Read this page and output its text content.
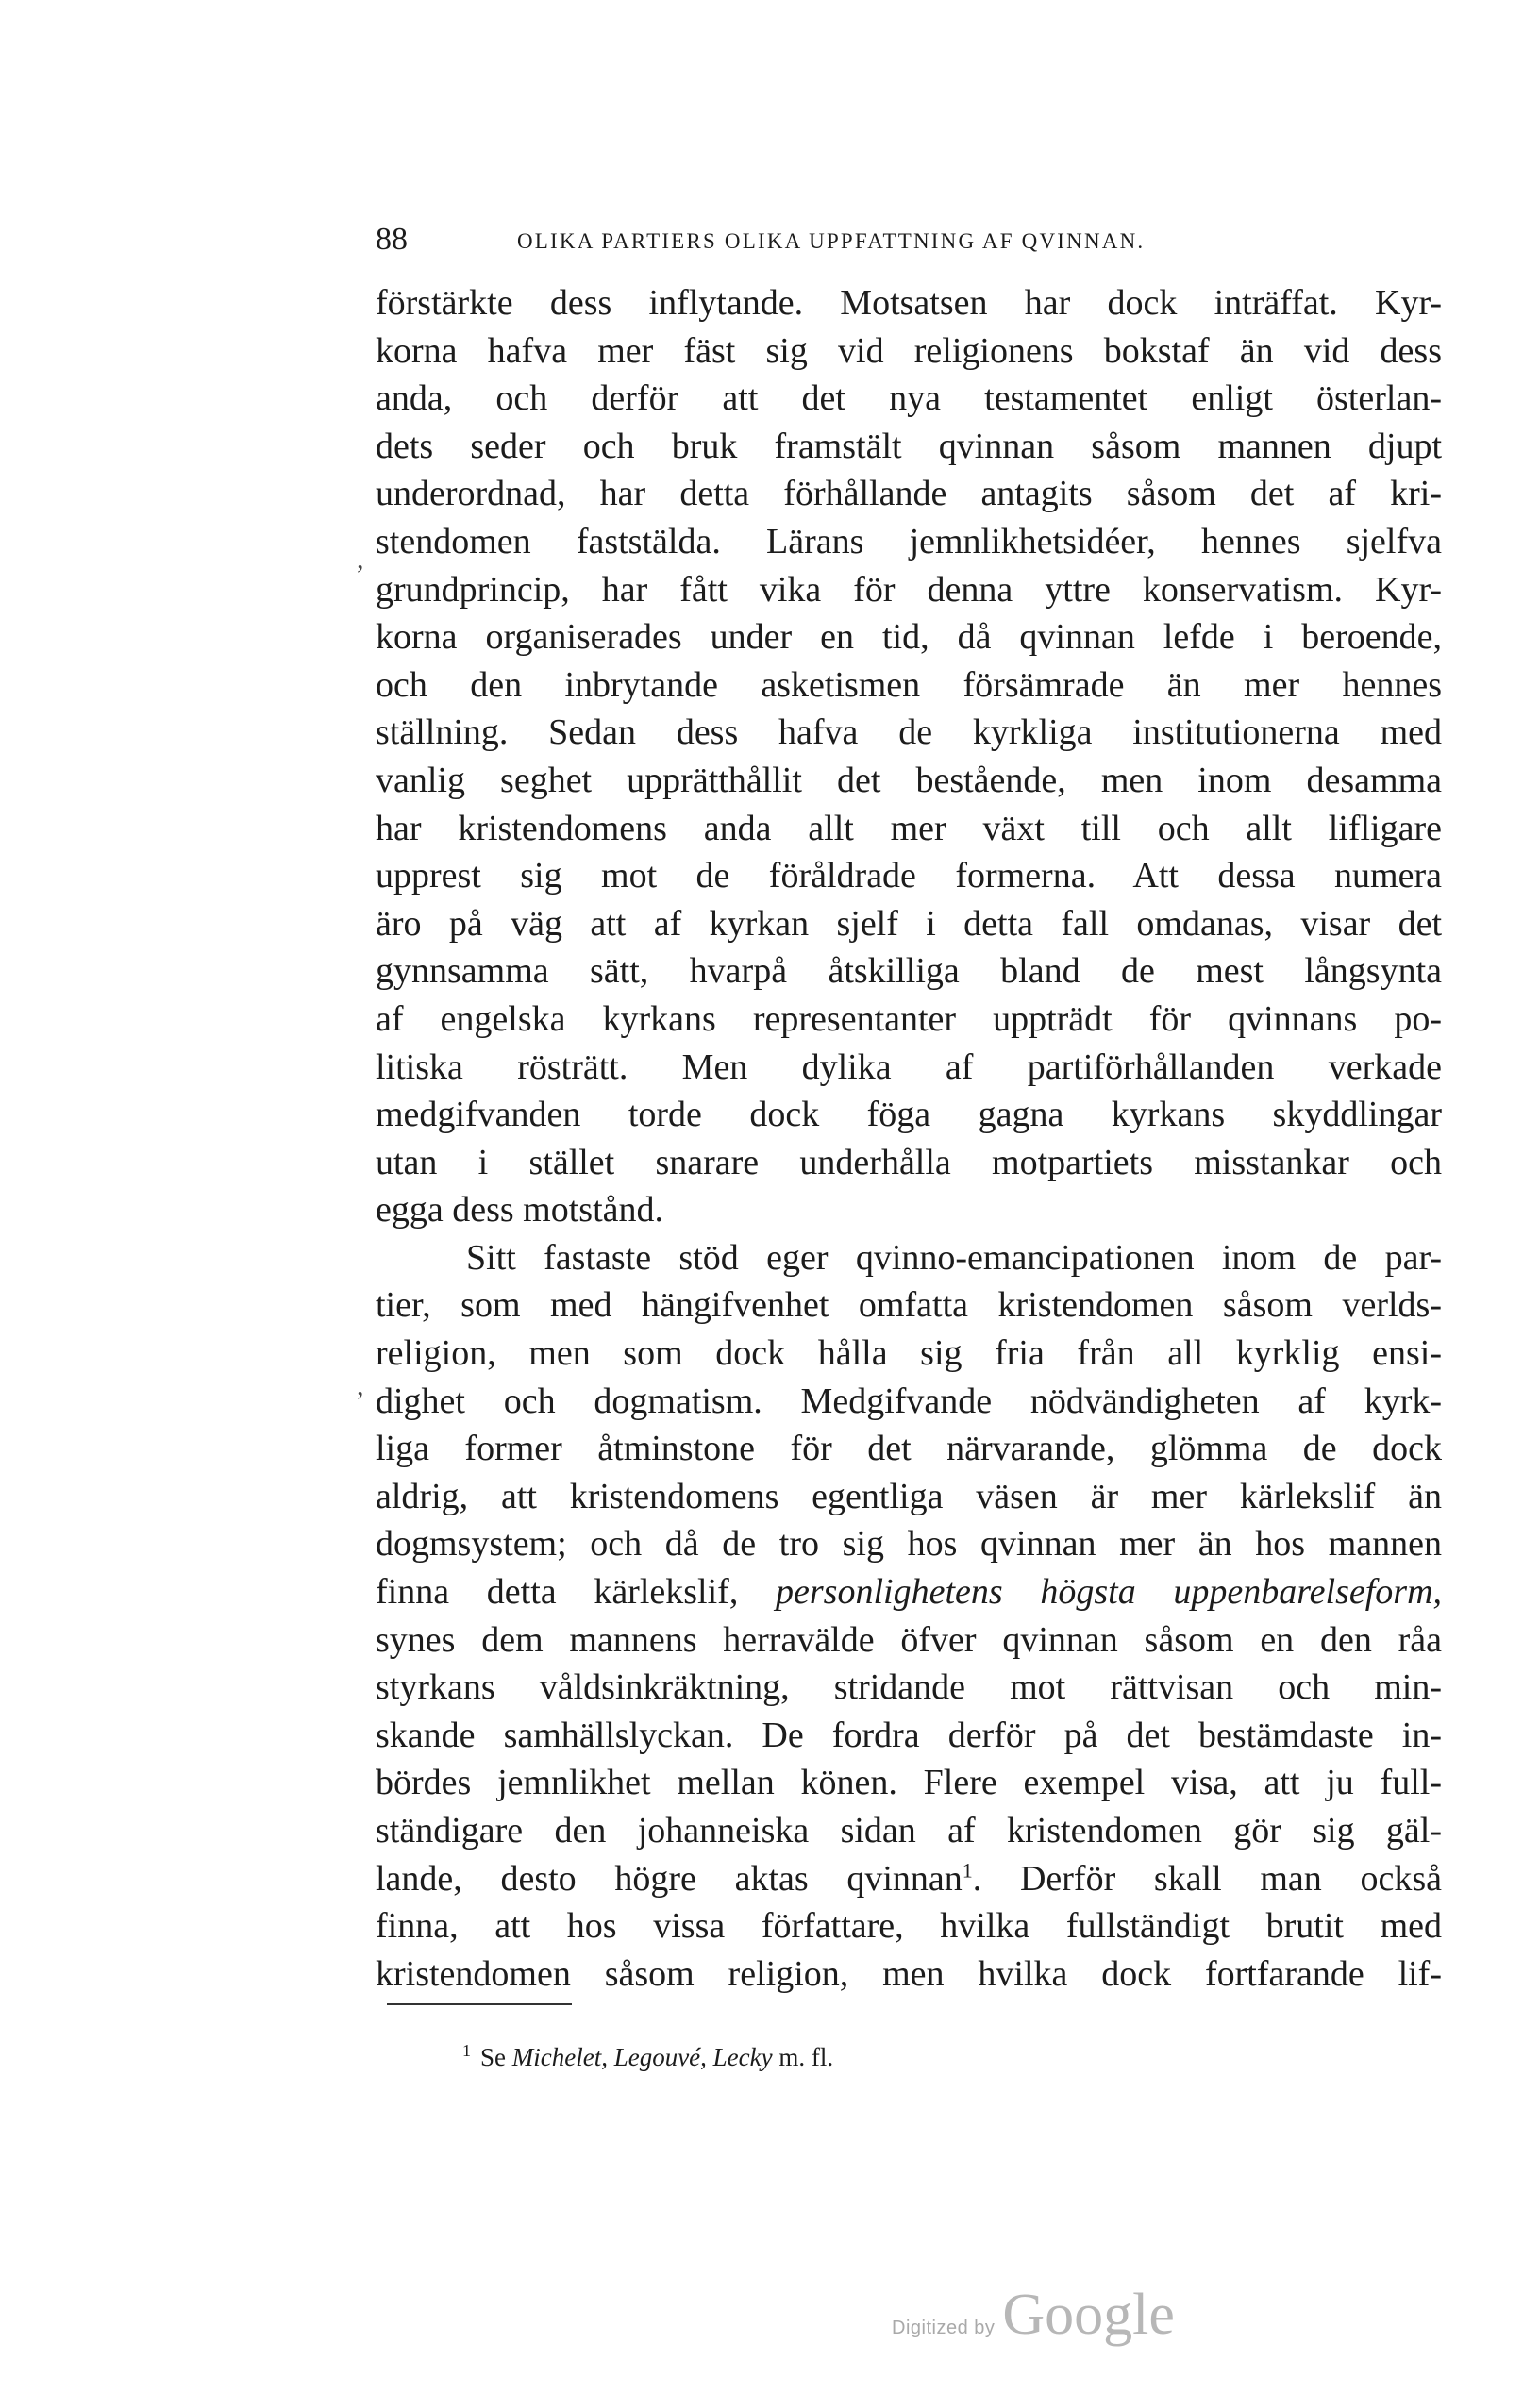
88	OLIKA PARTIERS OLIKA UPPFATTNING AF QVINNAN.
,
,
förstärkte dess inflytande. Motsatsen har dock inträffat. Kyr-
korna hafva mer fäst sig vid religionens bokstaf än vid dess
anda, och derför att det nya testamentet enligt österlan-
dets seder och bruk framstält qvinnan såsom mannen djupt
underordnad, har detta förhållande antagits såsom det af kri-
stendomen faststälda. Lärans jemnlikhetsidéer, hennes sjelfva
grundprincip, har fått vika för denna yttre konservatism. Kyr-
korna organiserades under en tid, då qvinnan lefde i beroende,
och den inbrytande asketismen försämrade än mer hennes
ställning. Sedan dess hafva de kyrkliga institutionerna med
vanlig seghet upprätthållit det bestående, men inom desamma
har kristendomens anda allt mer växt till och allt lifligare
upprest sig mot de föråldrade formerna. Att dessa numera
äro på väg att af kyrkan sjelf i detta fall omdanas, visar det
gynnsamma sätt, hvarpå åtskilliga bland de mest långsynta
af engelska kyrkans representanter uppträdt för qvinnans po-
litiska rösträtt. Men dylika af partiförhållanden verkade
medgifvanden torde dock föga gagna kyrkans skyddlingar
utan i stället snarare underhålla motpartiets misstankar och
egga dess motstånd.
Sitt fastaste stöd eger qvinno-emancipationen inom de par-
tier, som med hängifvenhet omfatta kristendomen såsom verlds-
religion, men som dock hålla sig fria från all kyrklig ensi-
dighet och dogmatism. Medgifvande nödvändigheten af kyrk-
liga former åtminstone för det närvarande, glömma de dock
aldrig, att kristendomens egentliga väsen är mer kärlekslif än
dogmsystem; och då de tro sig hos qvinnan mer än hos mannen
finna detta kärlekslif, personlighetens högsta uppenbarelseform,
synes dem mannens herravälde öfver qvinnan såsom en den råa
styrkans våldsinkräktning, stridande mot rättvisan och min-
skande samhällslyckan. De fordra derför på det bestämdaste in-
bördes jemnlikhet mellan könen. Flere exempel visa, att ju full-
ständigare den johanneiska sidan af kristendomen gör sig gäl-
lande, desto högre aktas qvinnan$^1$. Derför skall man också
finna, att hos vissa författare, hvilka fullständigt brutit med
kristendomen såsom religion, men hvilka dock fortfarande lif-
$^1$ Se Michelet, Legouvé, Lecky m. fl.
Digitized by Google
